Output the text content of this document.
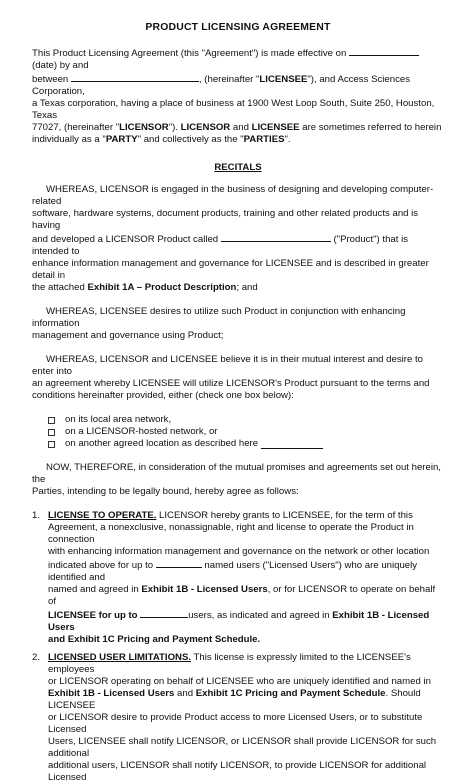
PRODUCT LICENSING AGREEMENT

This Product Licensing Agreement (this "Agreement") is made effective on (date) by and

between	, (hereinafter "LICENSEE"), and Access Sciences Corporation,

a Texas corporation, having a place of business at 1900 West Loop South, Suite 250, Houston, Texas

77027, (hereinafter "LICENSOR"). LICENSOR and LICENSEE are sometimes referred to herein

individually as a "PARTY" and collectively as the "PARTIES".

RECITALS

WHEREAS, LICENSOR is engaged in the business of designing and developing computer-related

software, hardware systems, document products, training and other related products and is having

and developed a LICENSOR Product called	("Product") that is intended to

enhance information management and governance for LICENSEE and is described in greater detail in

the attached Exhibit 1A – Product Description; and

WHEREAS, LICENSEE desires to utilize such Product in conjunction with enhancing information

management and governance using Product;

WHEREAS, LICENSOR and LICENSEE believe it is in their mutual interest and desire to enter into

an agreement whereby LICENSEE will utilize LICENSOR's Product pursuant to the terms and

conditions hereinafter provided, either (check one box below):

on its local area network,
on a LICENSOR-hosted network, or
on another agreed location as described here

NOW, THEREFORE, in consideration of the mutual promises and agreements set out herein, the

Parties, intending to be legally bound, hereby agree as follows:

1. LICENSE TO OPERATE. LICENSOR hereby grants to LICENSEE, for the term of this

Agreement, a nonexclusive, nonassignable, right and license to operate the Product in connection

with enhancing information management and governance on the network or other location

indicated above for up to	named users ("Licensed Users") who are uniquely identified and

named and agreed in Exhibit 1B - Licensed Users, or for LICENSOR to operate on behalf of

LICENSEE for up to	users, as indicated and agreed in Exhibit 1B - Licensed Users

and Exhibit 1C Pricing and Payment Schedule.

2. LICENSED USER LIMITATIONS. This license is expressly limited to the LICENSEE's employees

or LICENSOR operating on behalf of LICENSEE who are uniquely identified and named in

Exhibit 1B - Licensed Users and Exhibit 1C Pricing and Payment Schedule. Should LICENSEE

or LICENSOR desire to provide Product access to more Licensed Users, or to substitute Licensed

Users, LICENSEE shall notify LICENSOR, or LICENSOR shall provide LICENSOR for such additional

additional users, LICENSOR shall notify LICENSOR, to provide LICENSOR for additional Licensed
